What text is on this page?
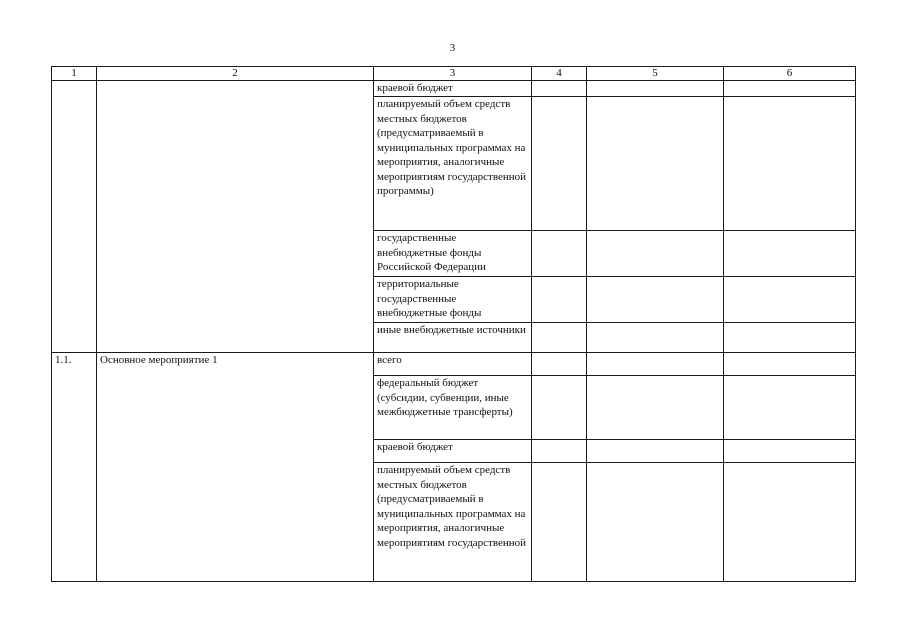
3
1	2	3	4	5	6
		краевой бюджет			
		планируемый объем средств местных бюджетов (предусматриваемый в муниципальных программах на мероприятия, аналогичные мероприятиям государственной программы)			
		государственные внебюджетные фонды Российской Федерации			
		территориальные государственные внебюджетные фонды			
		иные внебюджетные источники			
1.1.	Основное мероприятие 1	всего			
		федеральный бюджет (субсидии, субвенции, иные межбюджетные трансферты)			
		краевой бюджет			
		планируемый объем средств местных бюджетов (предусматриваемый в муниципальных программах на мероприятия, аналогичные мероприятиям государственной			
